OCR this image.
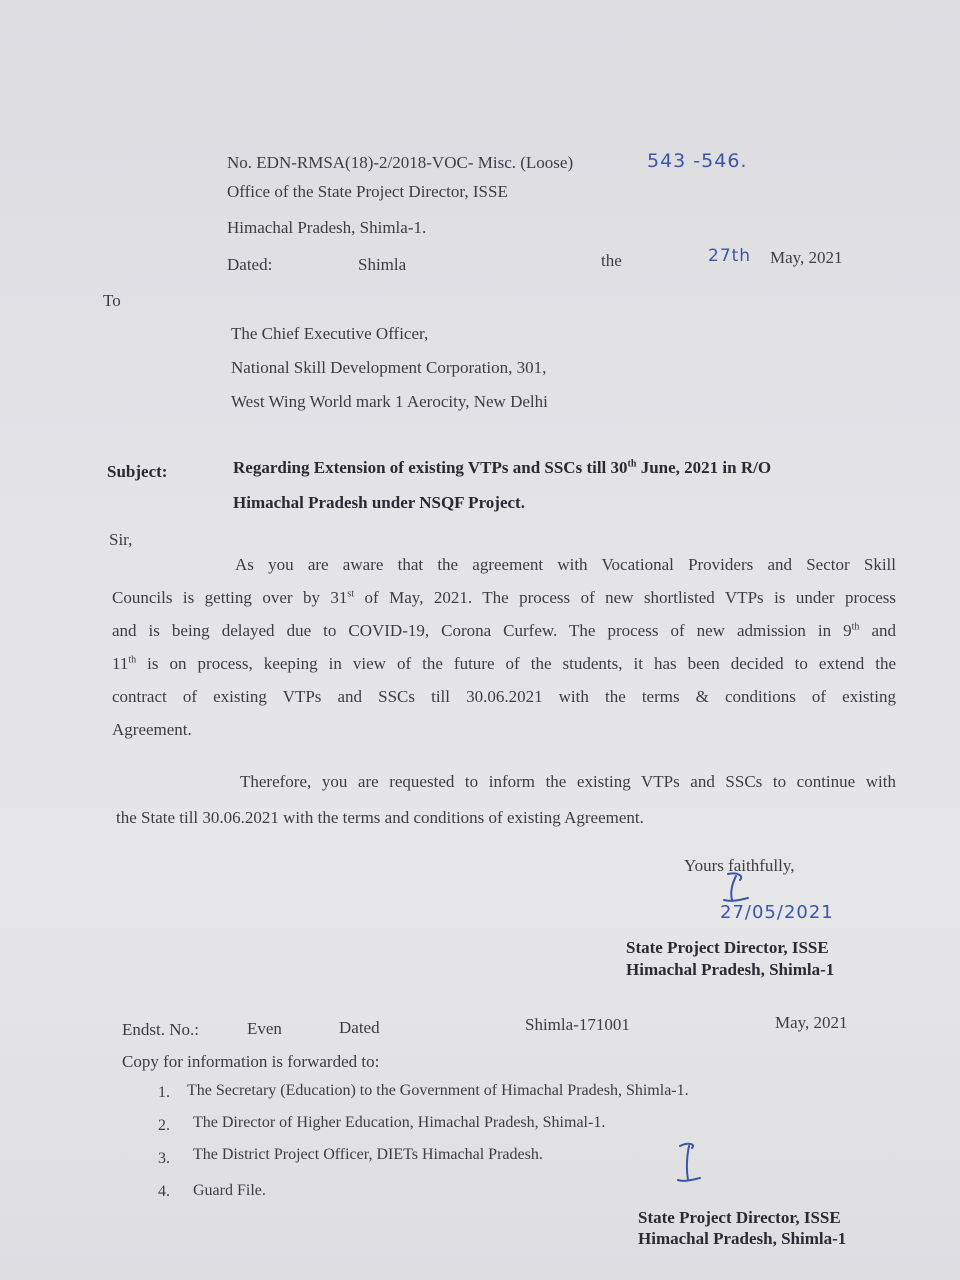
No. EDN-RMSA(18)-2/2018-VOC- Misc. (Loose)	543 -546.
Office of the State Project Director, ISSE
Himachal Pradesh, Shimla-1.
Dated:	Shimla	the	27th May, 2021
To
The Chief Executive Officer,
National Skill Development Corporation, 301,
West Wing World mark 1 Aerocity, New Delhi
Subject:	Regarding Extension of existing VTPs and SSCs till 30th June, 2021 in R/O
Himachal Pradesh under NSQF Project.
Sir,
As you are aware that the agreement with Vocational Providers and Sector Skill
Councils is getting over by 31st of May, 2021. The process of new shortlisted VTPs is under process
and is being delayed due to COVID-19, Corona Curfew. The process of new admission in 9th and
11th is on process, keeping in view of the future of the students, it has been decided to extend the
contract of existing VTPs and SSCs till 30.06.2021 with the terms & conditions of existing
Agreement.
Therefore, you are requested to inform the existing VTPs and SSCs to continue with
the State till 30.06.2021 with the terms and conditions of existing Agreement.
Yours faithfully,
27/05/2021
State Project Director, ISSE
Himachal Pradesh, Shimla-1
Endst. No.:	Even	Dated	Shimla-171001	May, 2021
Copy for information is forwarded to:
1. The Secretary (Education) to the Government of Himachal Pradesh, Shimla-1.
2. The Director of Higher Education, Himachal Pradesh, Shimal-1.
3. The District Project Officer, DIETs Himachal Pradesh.
4. Guard File.
State Project Director, ISSE
Himachal Pradesh, Shimla-1
